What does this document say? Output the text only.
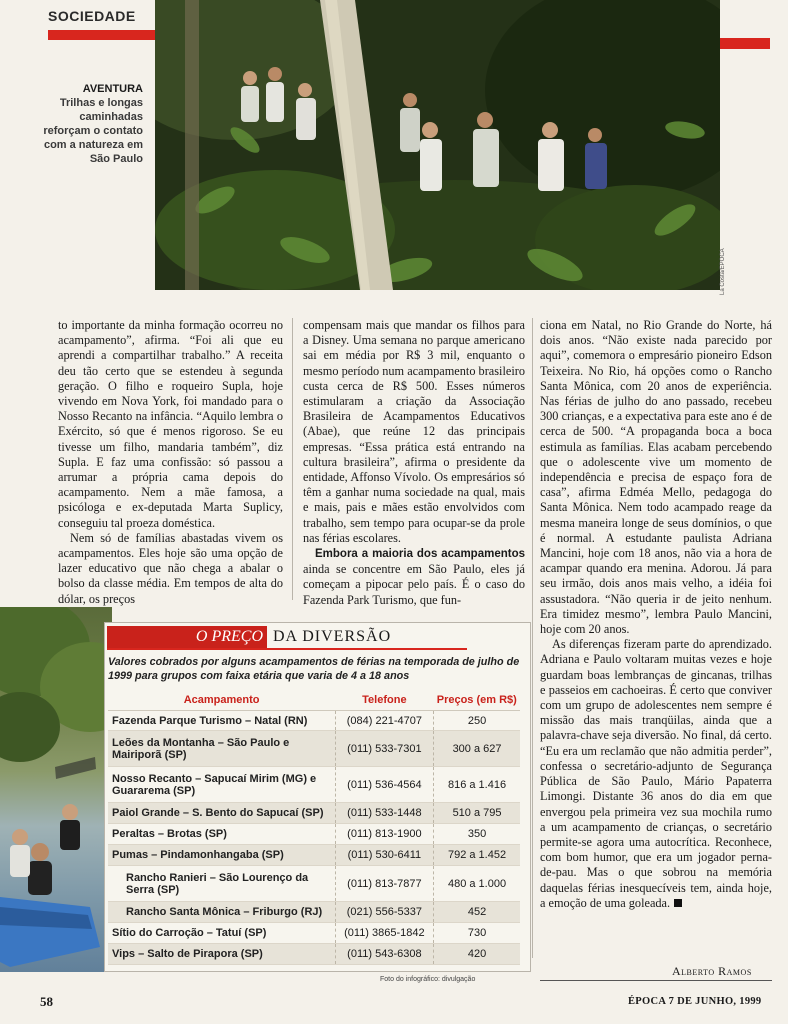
SOCIEDADE
La Costa/ÉPOCA
AVENTURA
Trilhas e longas caminhadas reforçam o contato com a natureza em São Paulo

to importante da minha formação ocorreu no acampamento”, afirma. “Foi ali que eu aprendi a compartilhar trabalho.” A receita deu tão certo que se estendeu à segunda geração. O filho e roqueiro Supla, hoje vivendo em Nova York, foi mandado para o Nosso Recanto na infância. “Aquilo lembra o Exército, só que é menos rigoroso. Se eu tivesse um filho, mandaria também”, diz Supla. E faz uma confissão: só passou a arrumar a própria cama depois do acampamento. Nem a mãe famosa, a psicóloga e ex-deputada Marta Suplicy, conseguiu tal proeza doméstica.

Nem só de famílias abastadas vivem os acampamentos. Eles hoje são uma opção de lazer educativo que não chega a abalar o bolso da classe média. Em tempos de alta do dólar, os preços

compensam mais que mandar os filhos para a Disney. Uma semana no parque americano sai em média por R$ 3 mil, enquanto o mesmo período num acampamento brasileiro custa cerca de R$ 500. Esses números estimularam a criação da Associação Brasileira de Acampamentos Educativos (Abae), que reúne 12 das principais empresas. “Essa prática está entrando na cultura brasileira”, afirma o presidente da entidade, Affonso Vívolo. Os empresários só têm a ganhar numa sociedade na qual, mais e mais, pais e mães estão envolvidos com trabalho, sem tempo para ocupar-se da prole nas férias escolares.

Embora a maioria dos acampamentos ainda se concentre em São Paulo, eles já começam a pipocar pelo país. É o caso do Fazenda Park Turismo, que fun-

ciona em Natal, no Rio Grande do Norte, há dois anos. “Não existe nada parecido por aqui”, comemora o empresário pioneiro Edson Teixeira. No Rio, há opções como o Rancho Santa Mônica, com 20 anos de experiência. Nas férias de julho do ano passado, recebeu 300 crianças, e a expectativa para este ano é de cerca de 500. “A propaganda boca a boca estimula as famílias. Elas acabam percebendo que o adolescente vive um momento de independência e precisa de espaço fora de casa”, afirma Edméa Mello, pedagoga do Santa Mônica. Nem todo acampado reage da mesma maneira longe de seus domínios, o que é normal. A estudante paulista Adriana Mancini, hoje com 18 anos, não via a hora de acampar quando era menina. Adorou. Já para seu irmão, dois anos mais velho, a idéia foi assustadora. “Não queria ir de jeito nenhum. Era timidez mesmo”, lembra Paulo Mancini, hoje com 20 anos.

As diferenças fizeram parte do aprendizado. Adriana e Paulo voltaram muitas vezes e hoje guardam boas lembranças de gincanas, trilhas e passeios em cachoeiras. É certo que conviver com um grupo de adolescentes nem sempre é missão das mais tranqüilas, ainda que a palavra-chave seja diversão. No final, dá certo. “Eu era um reclamão que não admitia perder”, confessa o secretário-adjunto de Segurança Pública de São Paulo, Mário Papaterra Limongi. Distante 36 anos do dia em que envergou pela primeira vez sua mochila rumo a um acampamento de crianças, o secretário permite-se agora uma autocrítica. Reconhece, com bom humor, que era um jogador perna-de-pau. Mas o que sobrou na memória daquelas férias inesquecíveis tem, ainda hoje, a emoção de uma goleada.

O PREÇO DA DIVERSÃO
Valores cobrados por alguns acampamentos de férias na temporada de julho de 1999 para grupos com faixa etária que varia de 4 a 18 anos
Acampamento	Telefone	Preços (em R$)
Fazenda Parque Turismo – Natal (RN)	(084) 221-4707	250
Leões da Montanha – São Paulo e Mairiporã (SP)	(011) 533-7301	300 a 627
Nosso Recanto – Sapucaí Mirim (MG) e Guararema (SP)	(011) 536-4564	816 a 1.416
Paiol Grande – S. Bento do Sapucaí (SP)	(011) 533-1448	510 a 795
Peraltas – Brotas (SP)	(011) 813-1900	350
Pumas – Pindamonhangaba (SP)	(011) 530-6411	792 a 1.452
Rancho Ranieri – São Lourenço da Serra (SP)	(011) 813-7877	480 a 1.000
Rancho Santa Mônica – Friburgo (RJ)	(021) 556-5337	452
Sítio do Carroção – Tatuí (SP)	(011) 3865-1842	730
Vips – Salto de Pirapora (SP)	(011) 543-6308	420
Foto do infográfico: divulgação
Alberto Ramos
58	ÉPOCA 7 DE JUNHO, 1999
